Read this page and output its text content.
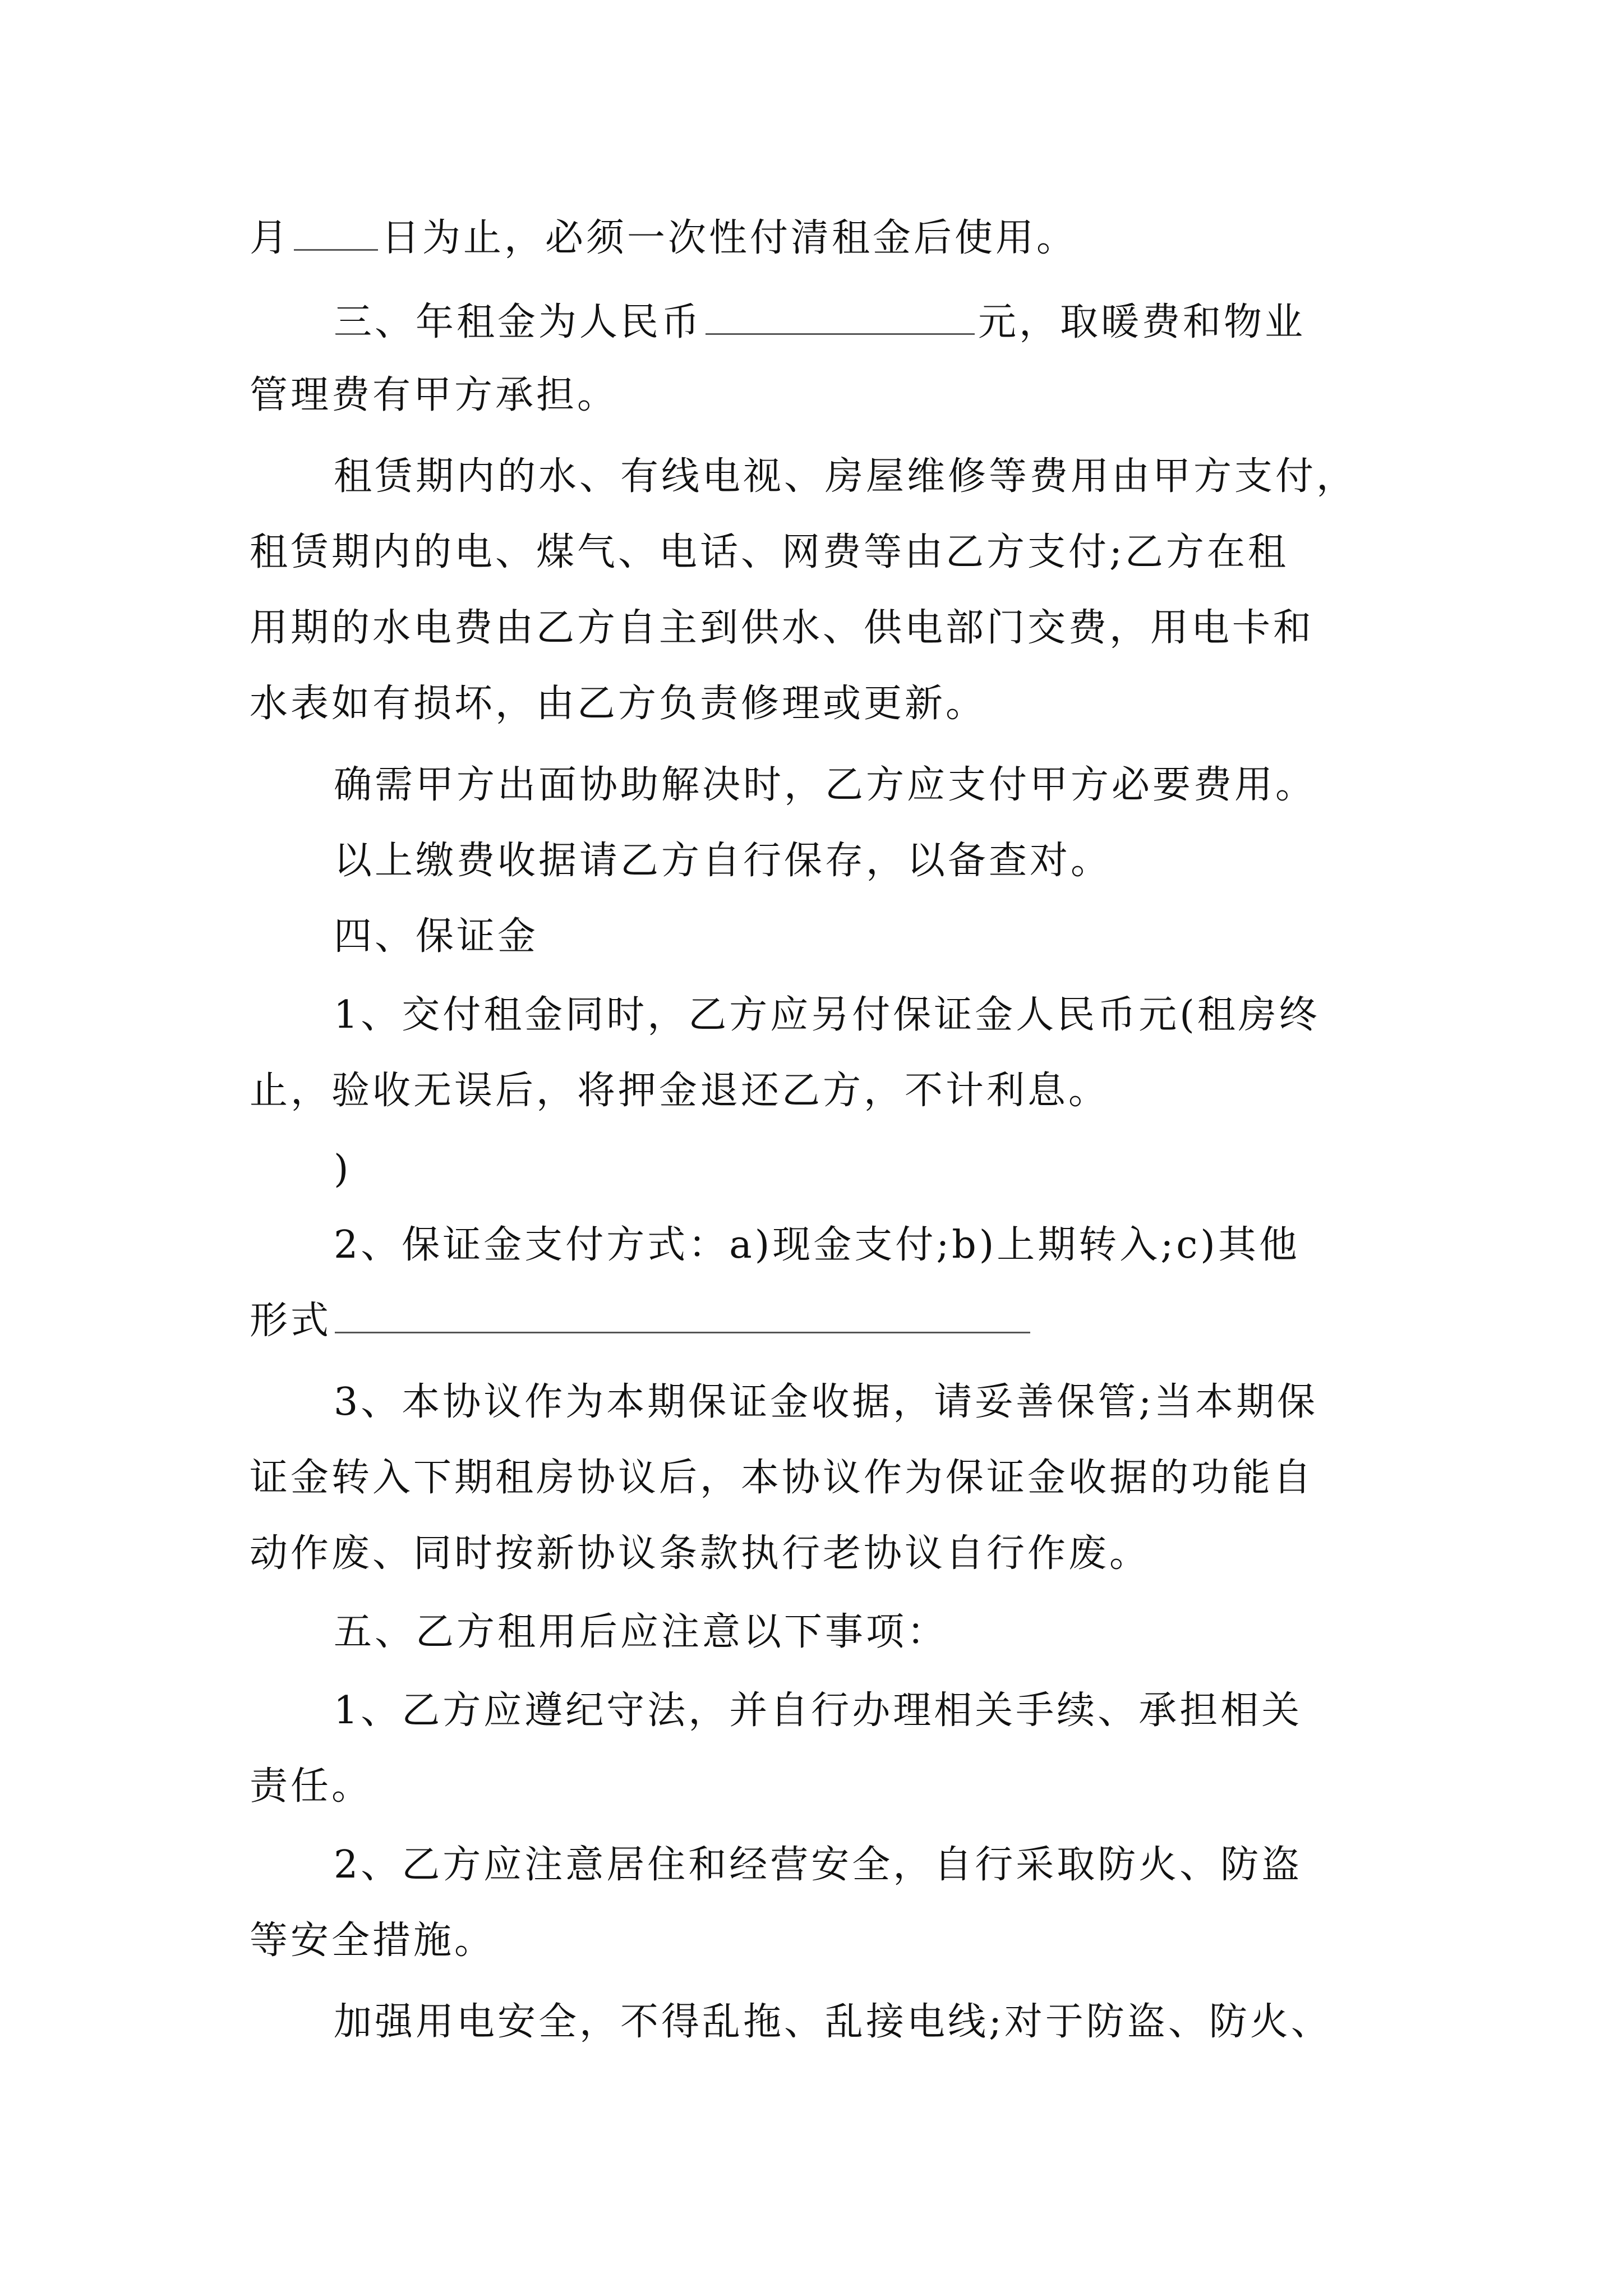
月 日为止，必须一次性付清租金后使用。
三、年租金为人民币	元，取暖费和物业
管理费有甲方承担。
租赁期内的水、有线电视、房屋维修等费用由甲方支付，
租赁期内的电、煤气、电话、网费等由乙方支付;乙方在租
用期的水电费由乙方自主到供水、供电部门交费，用电卡和
水表如有损坏，由乙方负责修理或更新。
确需甲方出面协助解决时，乙方应支付甲方必要费用。
以上缴费收据请乙方自行保存，以备查对。
四、保证金
1、交付租金同时，乙方应另付保证金人民币元(租房终
止，验收无误后，将押金退还乙方，不计利息。
)
2、保证金支付方式：a)现金支付;b)上期转入;c)其他
形式
3、本协议作为本期保证金收据，请妥善保管;当本期保
证金转入下期租房协议后，本协议作为保证金收据的功能自
动作废、同时按新协议条款执行老协议自行作废。
五、乙方租用后应注意以下事项：
1、乙方应遵纪守法，并自行办理相关手续、承担相关
责任。
2、乙方应注意居住和经营安全，自行采取防火、防盗
等安全措施。
加强用电安全，不得乱拖、乱接电线;对于防盗、防火、
